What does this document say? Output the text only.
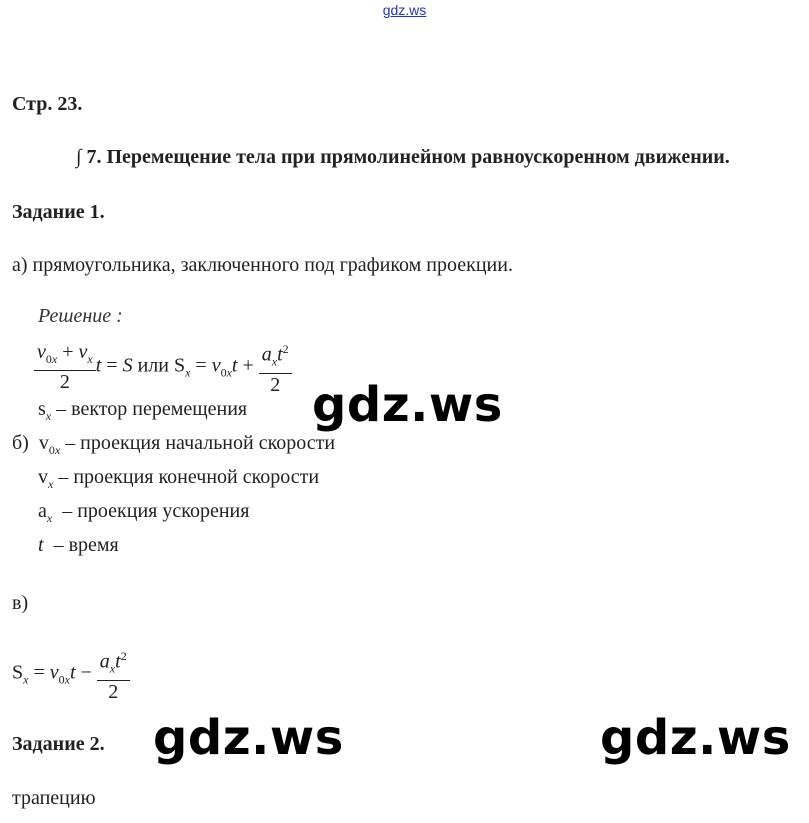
gdz.ws
Стр. 23.
∫ 7. Перемещение тела при прямолинейном равноускоренном движении.
Задание 1.
а) прямоугольника, заключенного под графиком проекции.
Решение :
$\frac{v_{0x} + v_x}{2}$ t = S или $S_x = v_{0x}t + \frac{a_xt^2}{2}$
$s_x$ – вектор перемещения
б)  $v_{0x}$ – проекция начальной скорости
$v_x$ – проекция конечной скорости
$a_x$ – проекция ускорения
t – время
в)
$S_x = v_{0x}t - \frac{a_xt^2}{2}$
Задание 2.
трапецию
gdz.ws
gdz.ws	gdz.ws
